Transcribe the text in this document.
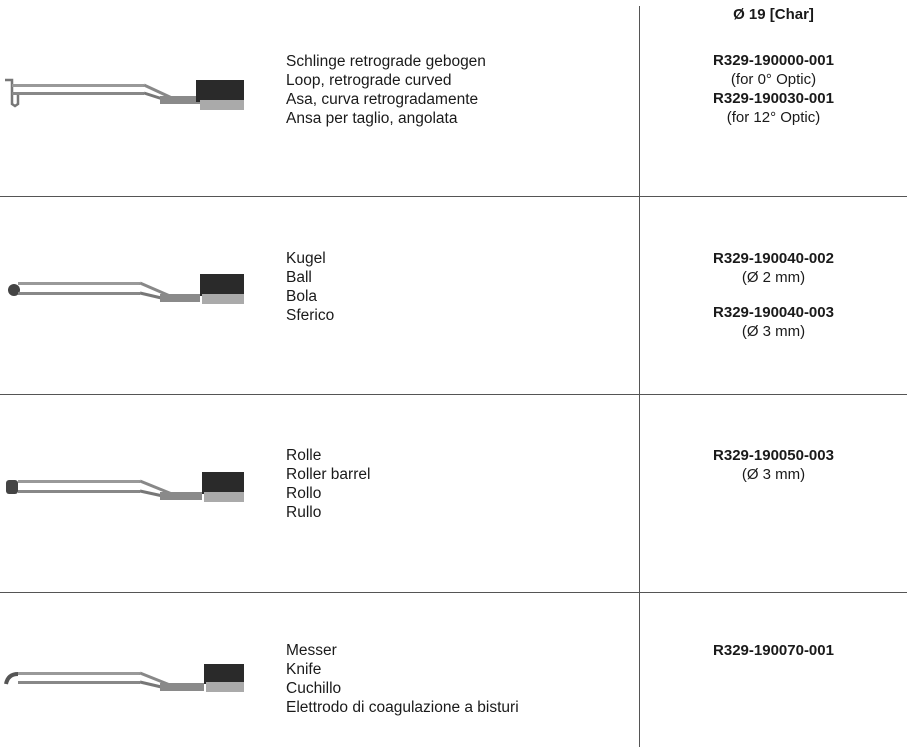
Ø 19 [Char]
Schlinge retrograde gebogen
Loop, retrograde curved
Asa, curva retrogradamente
Ansa per taglio, angolata
R329-190000-001
(for 0° Optic)
R329-190030-001
(for 12° Optic)
Kugel
Ball
Bola
Sferico
R329-190040-002
(Ø 2 mm)
R329-190040-003
(Ø 3 mm)
Rolle
Roller barrel
Rollo
Rullo
R329-190050-003
(Ø 3 mm)
Messer
Knife
Cuchillo
Elettrodo di coagulazione a bisturi
R329-190070-001
